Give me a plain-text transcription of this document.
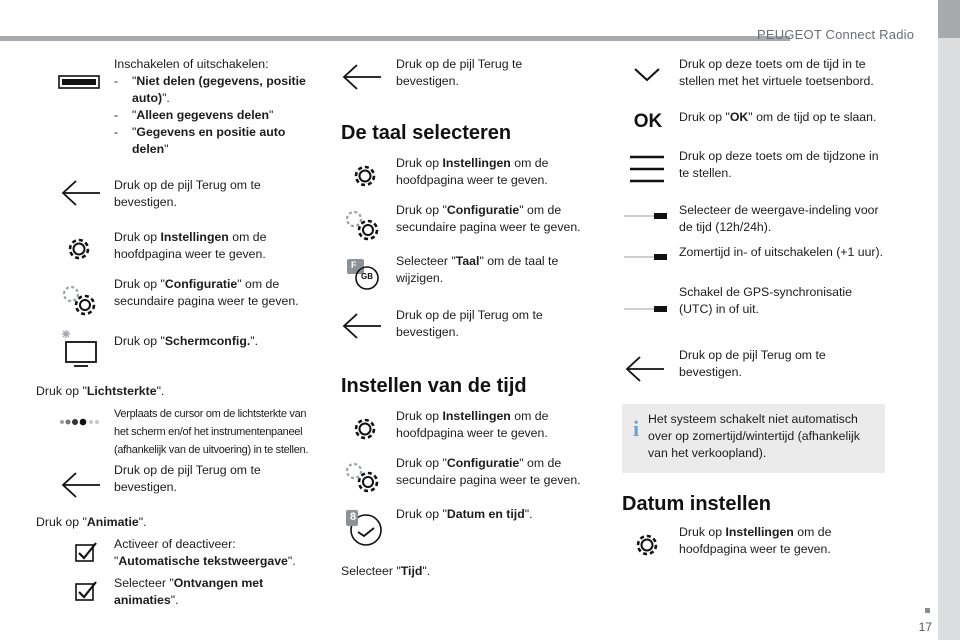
PEUGEOT Connect Radio
17
Inschakelen of uitschakelen:
- "Niet delen (gegevens, positie auto)".
- "Alleen gegevens delen"
- "Gegevens en positie auto delen"
Druk op de pijl Terug om te bevestigen.
Druk op Instellingen om de hoofdpagina weer te geven.
Druk op "Configuratie" om de secundaire pagina weer te geven.
Druk op "Schermconfig.".
Druk op "Lichtsterkte".
Verplaats de cursor om de lichtsterkte van het scherm en/of het instrumentenpaneel (afhankelijk van de uitvoering) in te stellen.
Druk op de pijl Terug om te bevestigen.
Druk op "Animatie".
Activeer of deactiveer: "Automatische tekstweergave".
Selecteer "Ontvangen met animaties".
Druk op de pijl Terug te bevestigen.
De taal selecteren
Druk op Instellingen om de hoofdpagina weer te geven.
Druk op "Configuratie" om de secundaire pagina weer te geven.
F
GB
Selecteer "Taal" om de taal te wijzigen.
Druk op de pijl Terug om te bevestigen.
Instellen van de tijd
Druk op Instellingen om de hoofdpagina weer te geven.
Druk op "Configuratie" om de secundaire pagina weer te geven.
8	Druk op "Datum en tijd".
Selecteer "Tijd".
Druk op deze toets om de tijd in te stellen met het virtuele toetsenbord.
OK	Druk op "OK" om de tijd op te slaan.
Druk op deze toets om de tijdzone in te stellen.
Selecteer de weergave-indeling voor de tijd (12h/24h).
Zomertijd in- of uitschakelen (+1 uur).
Schakel de GPS-synchronisatie (UTC) in of uit.
Druk op de pijl Terug om te bevestigen.
i Het systeem schakelt niet automatisch over op zomertijd/wintertijd (afhankelijk van het verkoopland).
Datum instellen
Druk op Instellingen om de hoofdpagina weer te geven.
